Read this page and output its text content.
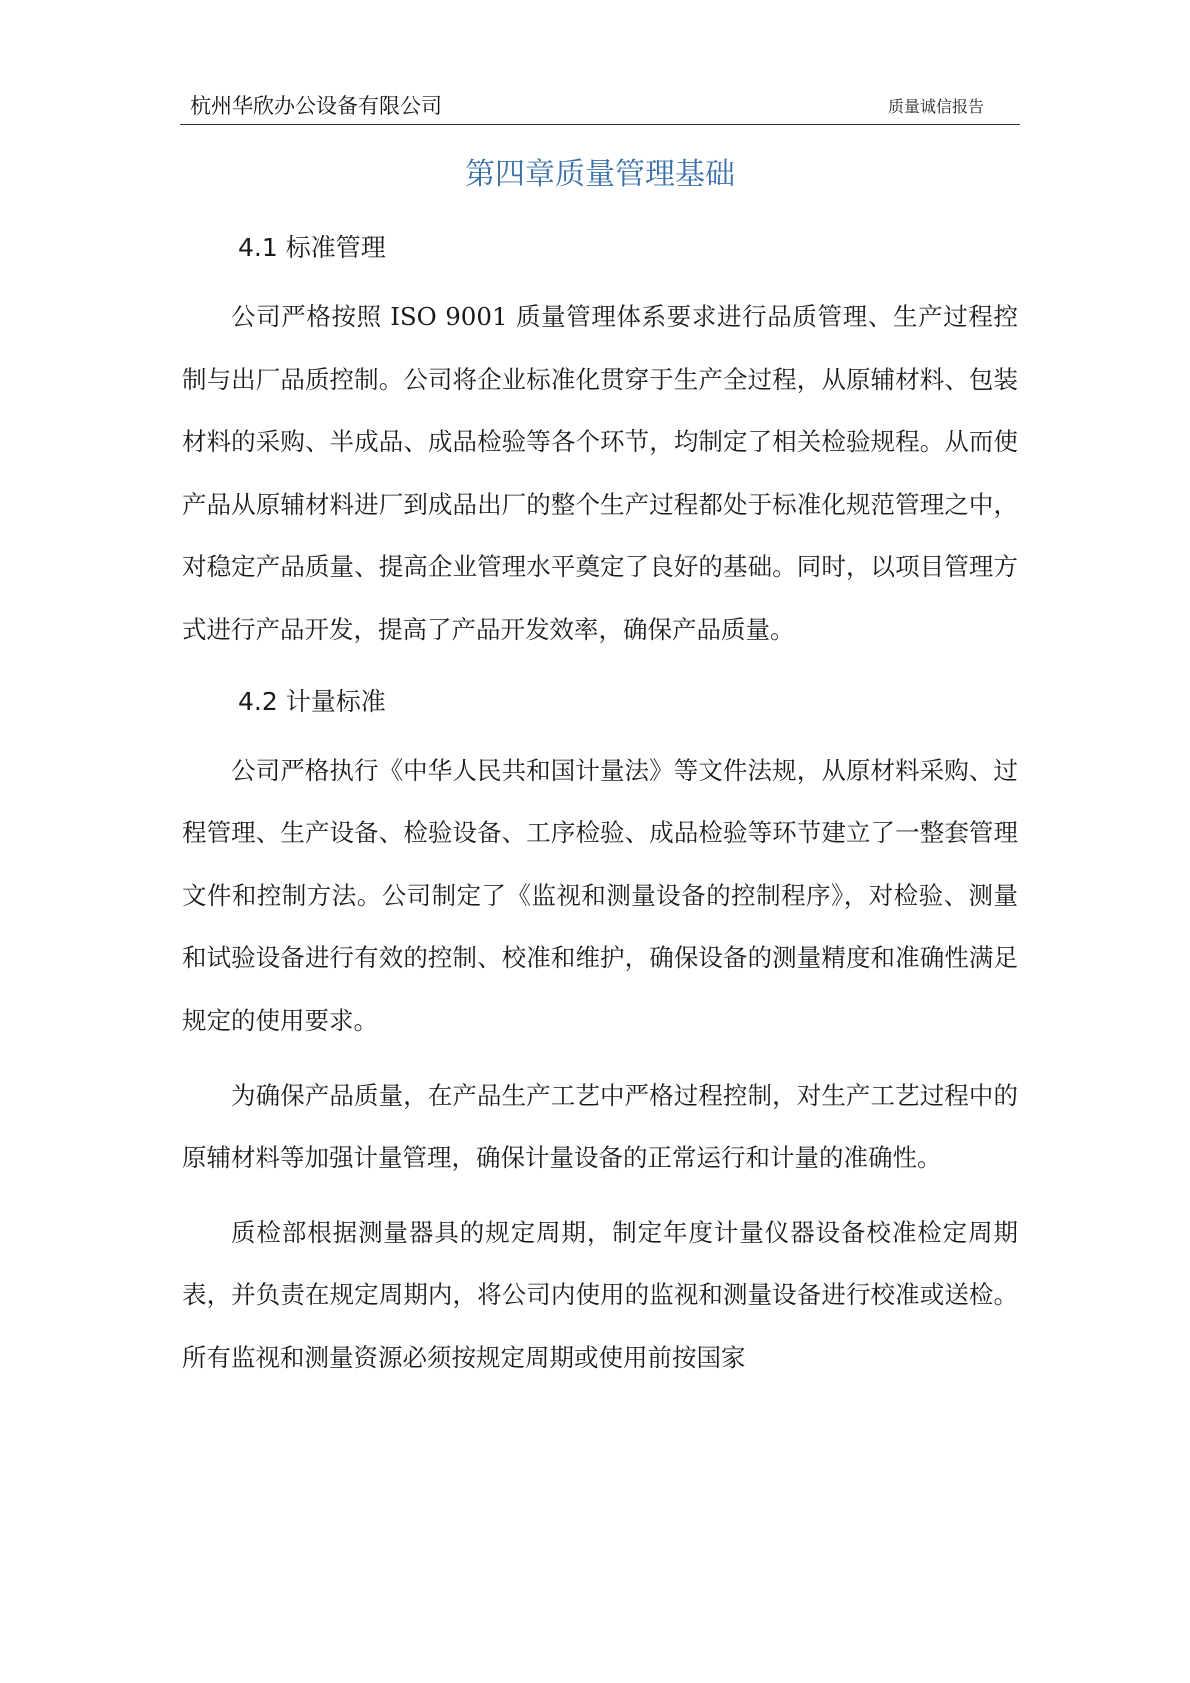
杭州华欣办公设备有限公司	质量诚信报告
第四章质量管理基础
4.1 标准管理

公司严格按照 ISO 9001 质量管理体系要求进行品质管理、生产过程控制与出厂品质控制。公司将企业标准化贯穿于生产全过程，从原辅材料、包装材料的采购、半成品、成品检验等各个环节，均制定了相关检验规程。从而使产品从原辅材料进厂到成品出厂的整个生产过程都处于标准化规范管理之中，对稳定产品质量、提高企业管理水平奠定了良好的基础。同时，以项目管理方式进行产品开发，提高了产品开发效率，确保产品质量。

4.2 计量标准

公司严格执行《中华人民共和国计量法》等文件法规，从原材料采购、过程管理、生产设备、检验设备、工序检验、成品检验等环节建立了一整套管理文件和控制方法。公司制定了《监视和测量设备的控制程序》，对检验、测量和试验设备进行有效的控制、校准和维护，确保设备的测量精度和准确性满足规定的使用要求。

为确保产品质量，在产品生产工艺中严格过程控制，对生产工艺过程中的原辅材料等加强计量管理，确保计量设备的正常运行和计量的准确性。

质检部根据测量器具的规定周期，制定年度计量仪器设备校准检定周期表，并负责在规定周期内，将公司内使用的监视和测量设备进行校准或送检。所有监视和测量资源必须按规定周期或使用前按国家
